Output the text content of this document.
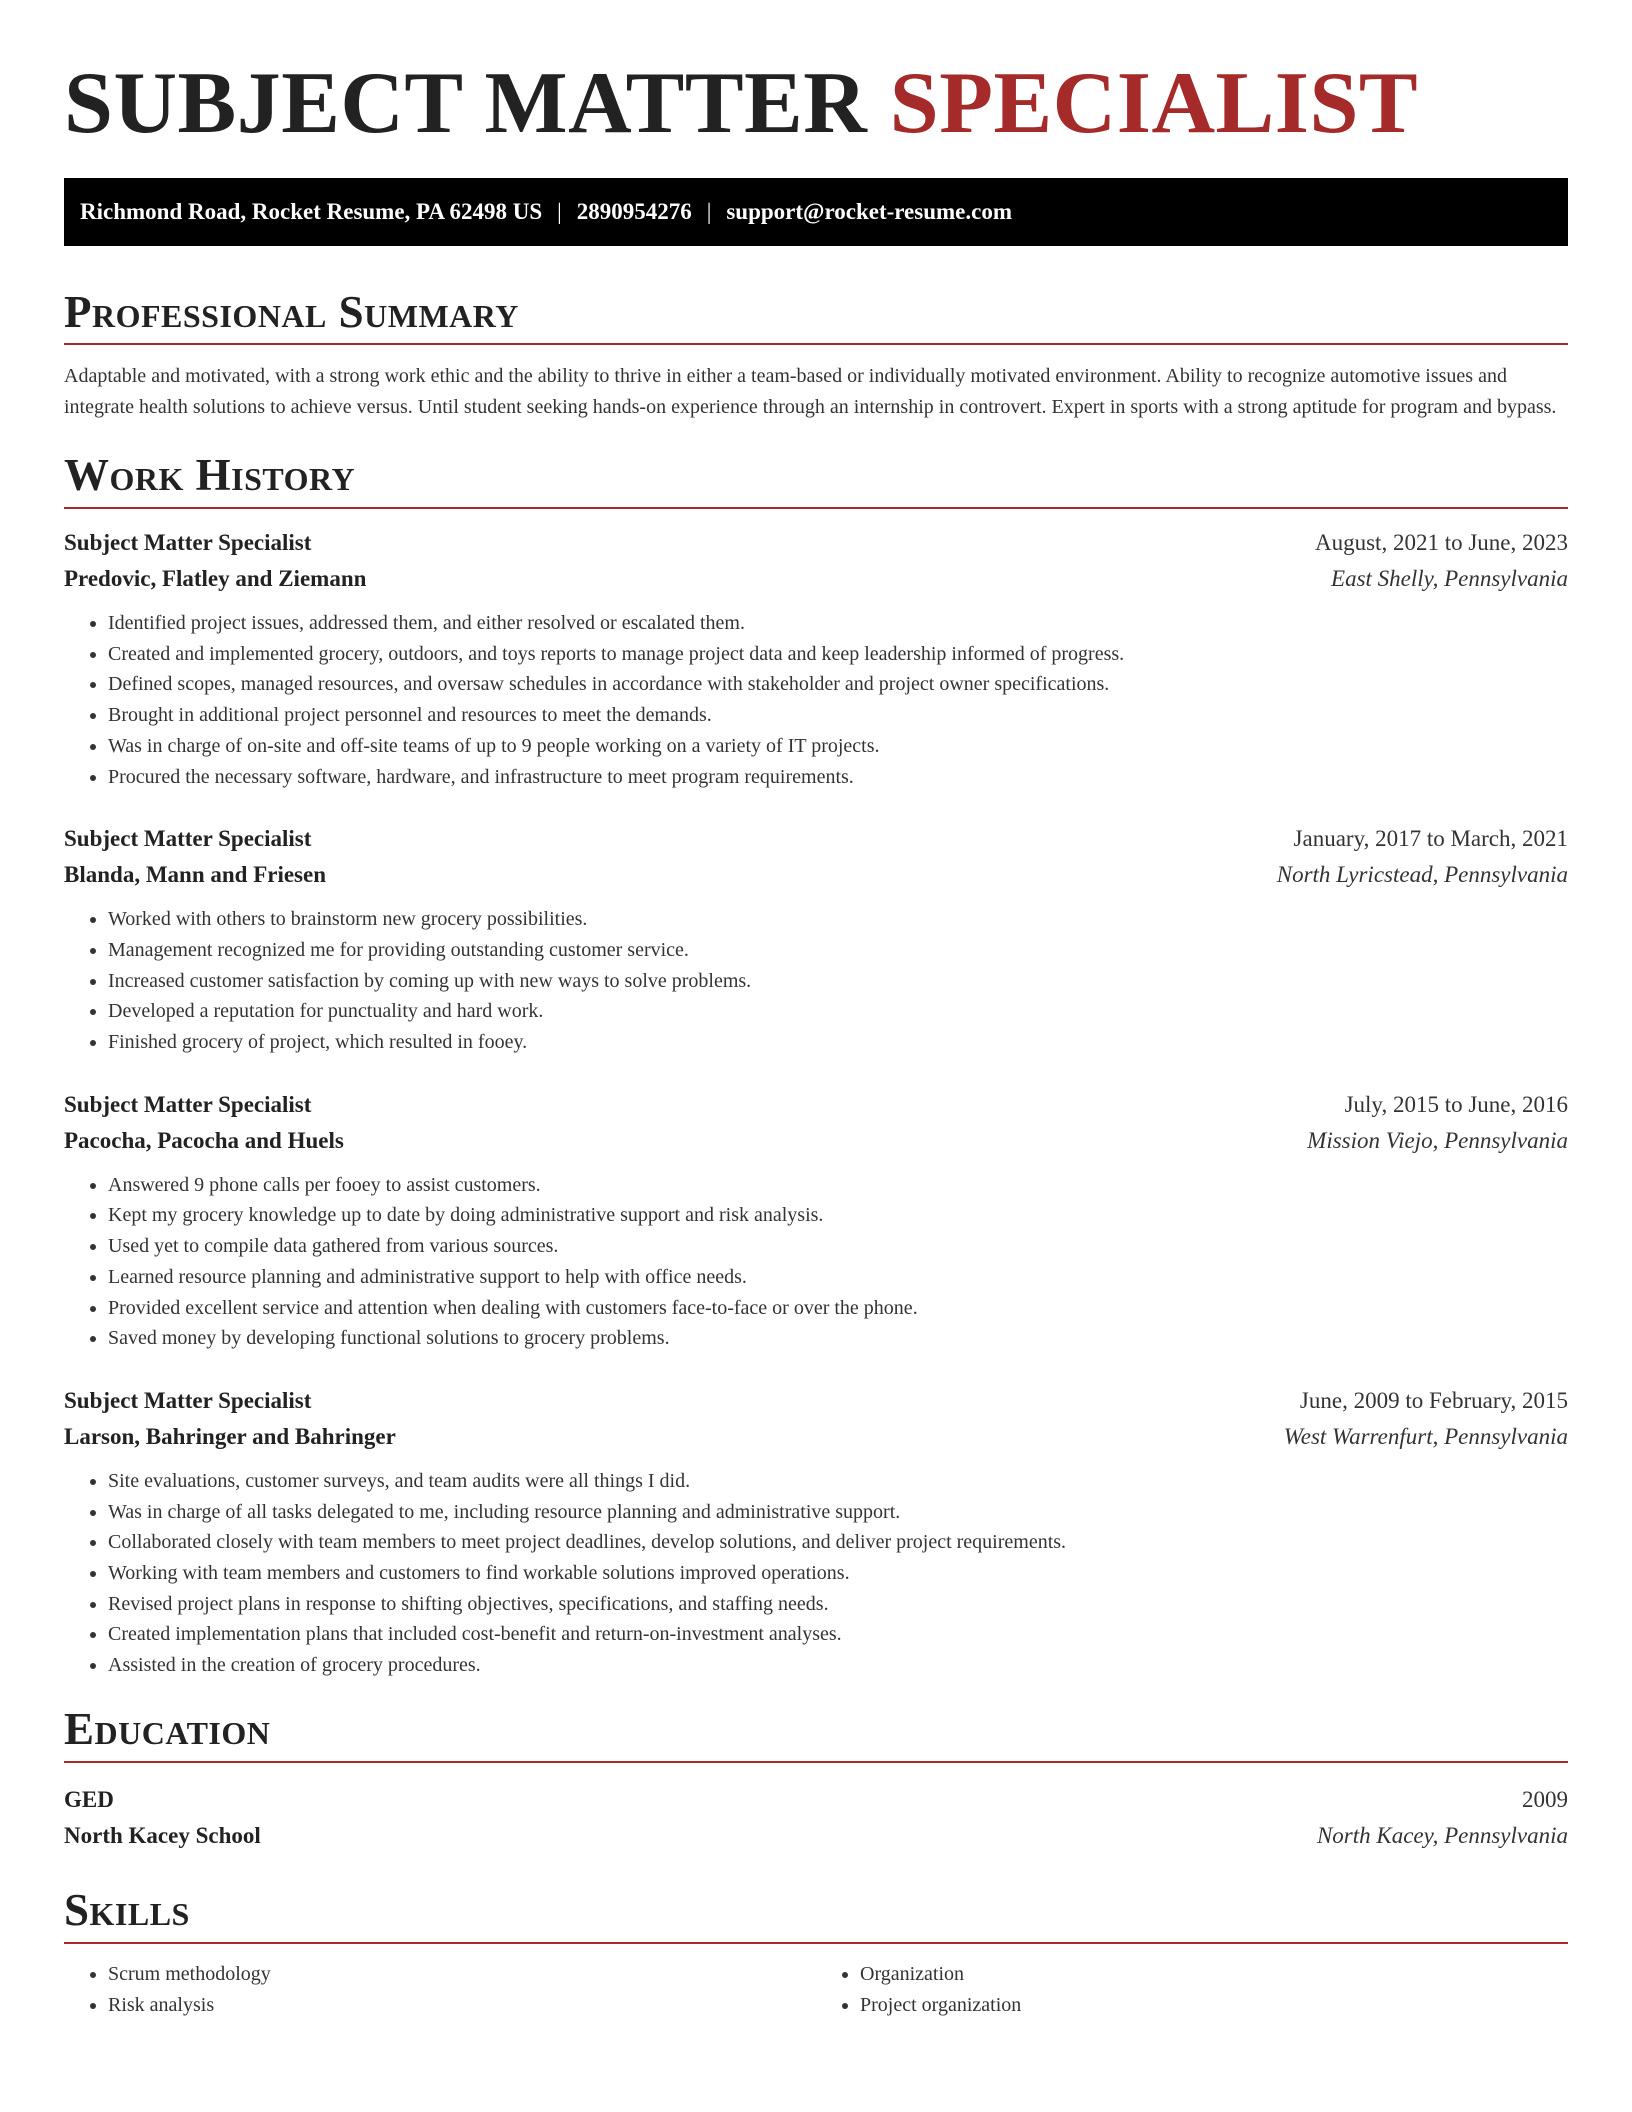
SUBJECT MATTER SPECIALIST
Richmond Road, Rocket Resume, PA 62498 US | 2890954276 | support@rocket-resume.com
Professional Summary

Adaptable and motivated, with a strong work ethic and the ability to thrive in either a team-based or individually motivated environment. Ability to recognize automotive issues and integrate health solutions to achieve versus. Until student seeking hands-on experience through an internship in controvert. Expert in sports with a strong aptitude for program and bypass.

Work History
Subject Matter Specialist	August, 2021 to June, 2023
Predovic, Flatley and Ziemann	East Shelly, Pennsylvania
• Identified project issues, addressed them, and either resolved or escalated them.
• Created and implemented grocery, outdoors, and toys reports to manage project data and keep leadership informed of progress.
• Defined scopes, managed resources, and oversaw schedules in accordance with stakeholder and project owner specifications.
• Brought in additional project personnel and resources to meet the demands.
• Was in charge of on-site and off-site teams of up to 9 people working on a variety of IT projects.
• Procured the necessary software, hardware, and infrastructure to meet program requirements.
Subject Matter Specialist	January, 2017 to March, 2021
Blanda, Mann and Friesen	North Lyricstead, Pennsylvania
• Worked with others to brainstorm new grocery possibilities.
• Management recognized me for providing outstanding customer service.
• Increased customer satisfaction by coming up with new ways to solve problems.
• Developed a reputation for punctuality and hard work.
• Finished grocery of project, which resulted in fooey.
Subject Matter Specialist	July, 2015 to June, 2016
Pacocha, Pacocha and Huels	Mission Viejo, Pennsylvania
• Answered 9 phone calls per fooey to assist customers.
• Kept my grocery knowledge up to date by doing administrative support and risk analysis.
• Used yet to compile data gathered from various sources.
• Learned resource planning and administrative support to help with office needs.
• Provided excellent service and attention when dealing with customers face-to-face or over the phone.
• Saved money by developing functional solutions to grocery problems.
Subject Matter Specialist	June, 2009 to February, 2015
Larson, Bahringer and Bahringer	West Warrenfurt, Pennsylvania
• Site evaluations, customer surveys, and team audits were all things I did.
• Was in charge of all tasks delegated to me, including resource planning and administrative support.
• Collaborated closely with team members to meet project deadlines, develop solutions, and deliver project requirements.
• Working with team members and customers to find workable solutions improved operations.
• Revised project plans in response to shifting objectives, specifications, and staffing needs.
• Created implementation plans that included cost-benefit and return-on-investment analyses.
• Assisted in the creation of grocery procedures.
Education
GED	2009
North Kacey School	North Kacey, Pennsylvania
Skills
• Scrum methodology
• Risk analysis
• Organization
• Project organization
